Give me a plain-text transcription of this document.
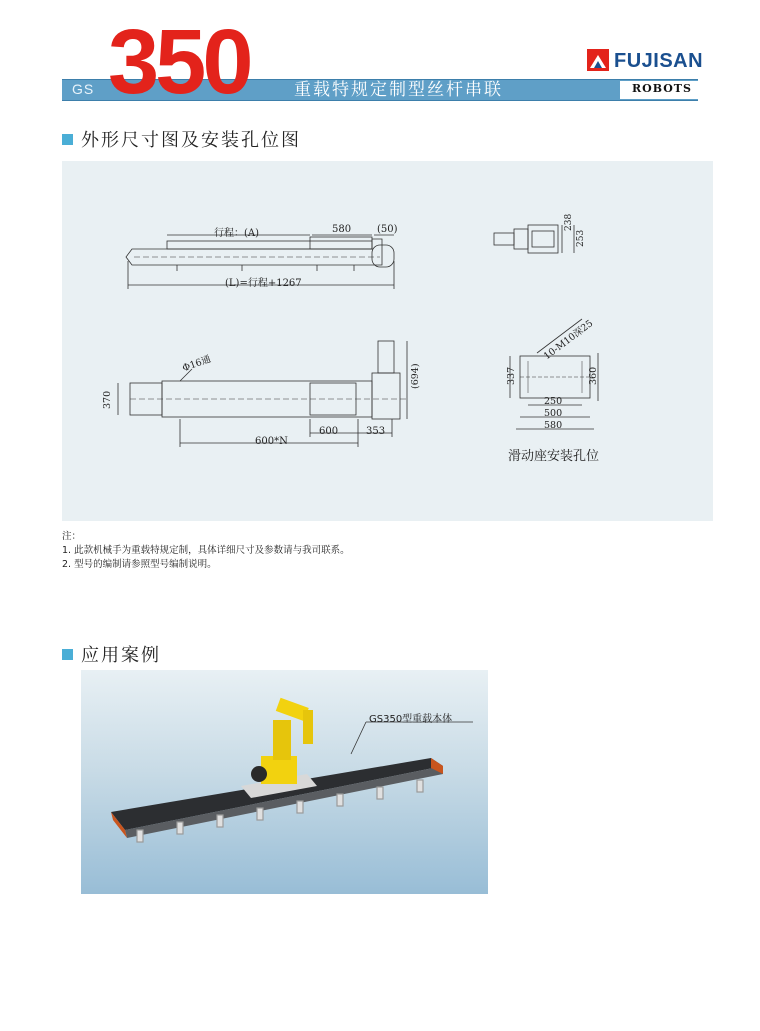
GS 350	重载特规定制型丝杆串联
FUJISAN
ROBOTS
外形尺寸图及安装孔位图
行程：(A)	580	(50)
(L)=行程+1267
238
253
Φ16通
370
(694)
600	353
600*N
10-M10深25
337	360
250
500
580
滑动座安装孔位
注：
1. 此款机械手为重载特规定制，具体详细尺寸及参数请与我司联系。
2. 型号的编制请参照型号编制说明。
应用案例
GS350型重载本体
